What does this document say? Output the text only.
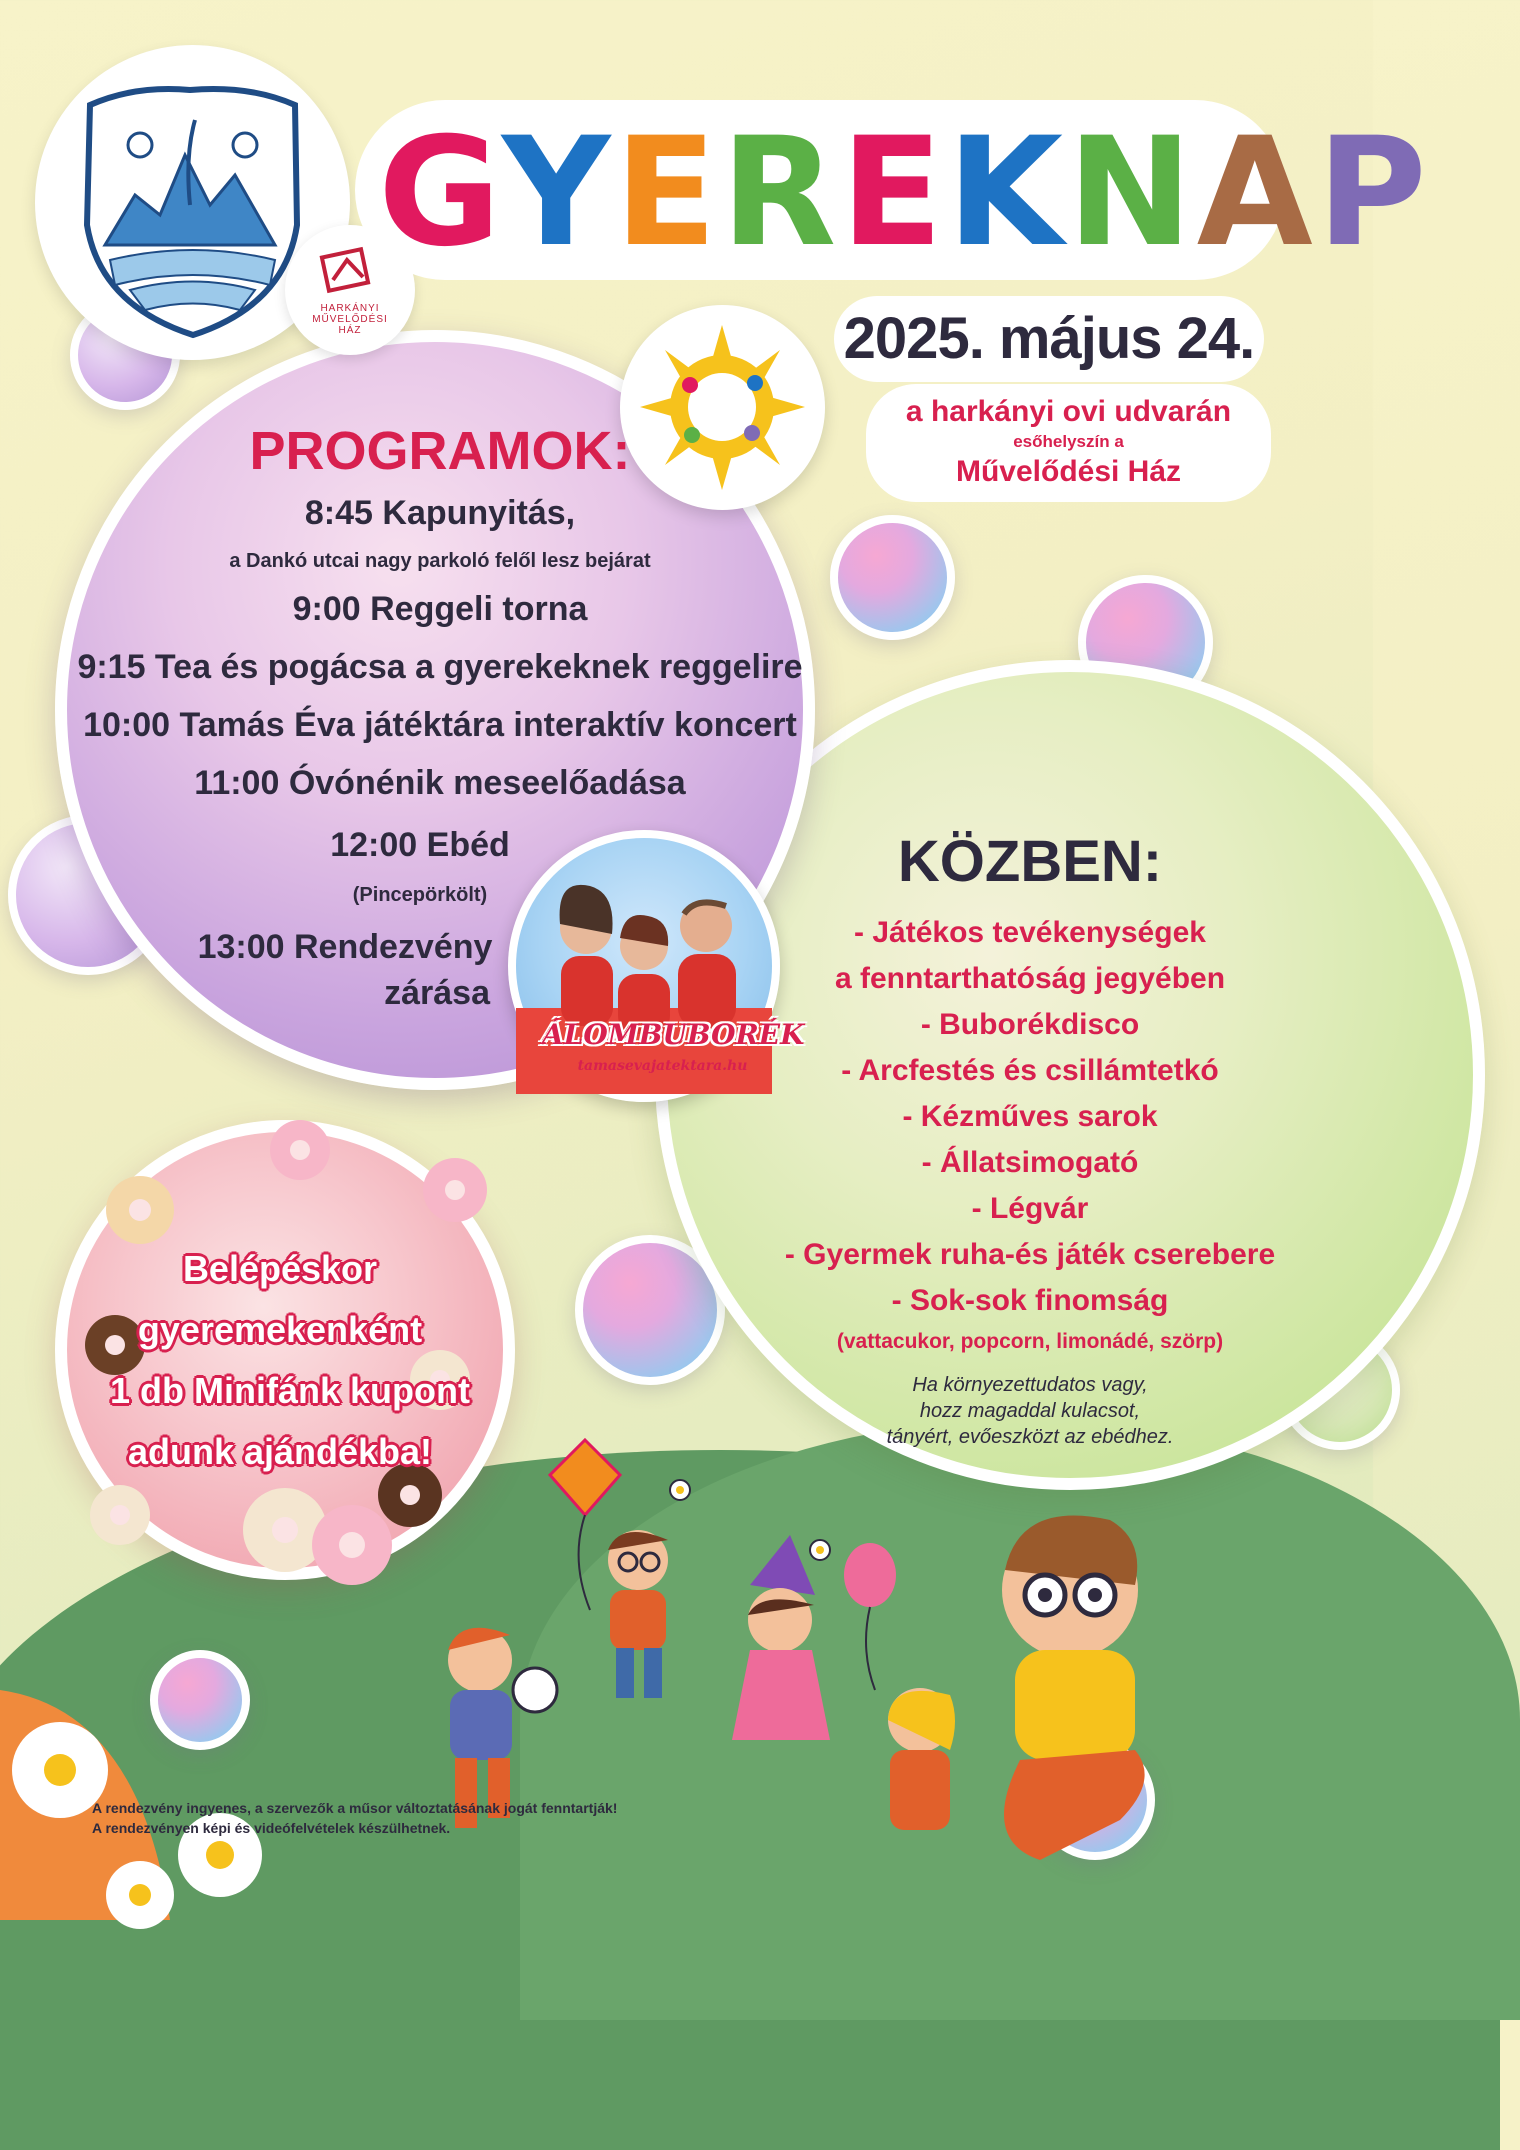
HARKÁNYI
MŰVELŐDÉSI HÁZ
GYEREKNAP
2025. május 24.
a harkányi ovi udvarán
esőhelyszín a
Művelődési Ház
PROGRAMOK:
8:45 Kapunyitás,
a Dankó utcai nagy parkoló felől lesz bejárat
9:00 Reggeli torna
9:15 Tea és pogácsa a gyerekeknek reggelire
10:00 Tamás Éva játéktára interaktív koncert
11:00 Óvónénik meseelőadása
12:00 Ebéd
(Pincepörkölt)
13:00 Rendezvény
zárása
ÁLOMBUBORÉK
tamasevajatektara.hu
KÖZBEN:
- Játékos tevékenységek
a fenntarthatóság jegyében
- Buborékdisco
- Arcfestés és csillámtetkó
- Kézműves sarok
- Állatsimogató
- Légvár
- Gyermek ruha-és játék cserebere
- Sok-sok finomság
(vattacukor, popcorn, limonádé, szörp)
Ha környezettudatos vagy,
hozz magaddal kulacsot,
tányért, evőeszközt az ebédhez.
Belépéskor
gyeremekenként
1 db Minifánk kupont
adunk ajándékba!
A rendezvény ingyenes, a szervezők a műsor változtatásának jogát fenntartják!
A rendezvényen képi és videófelvételek készülhetnek.
